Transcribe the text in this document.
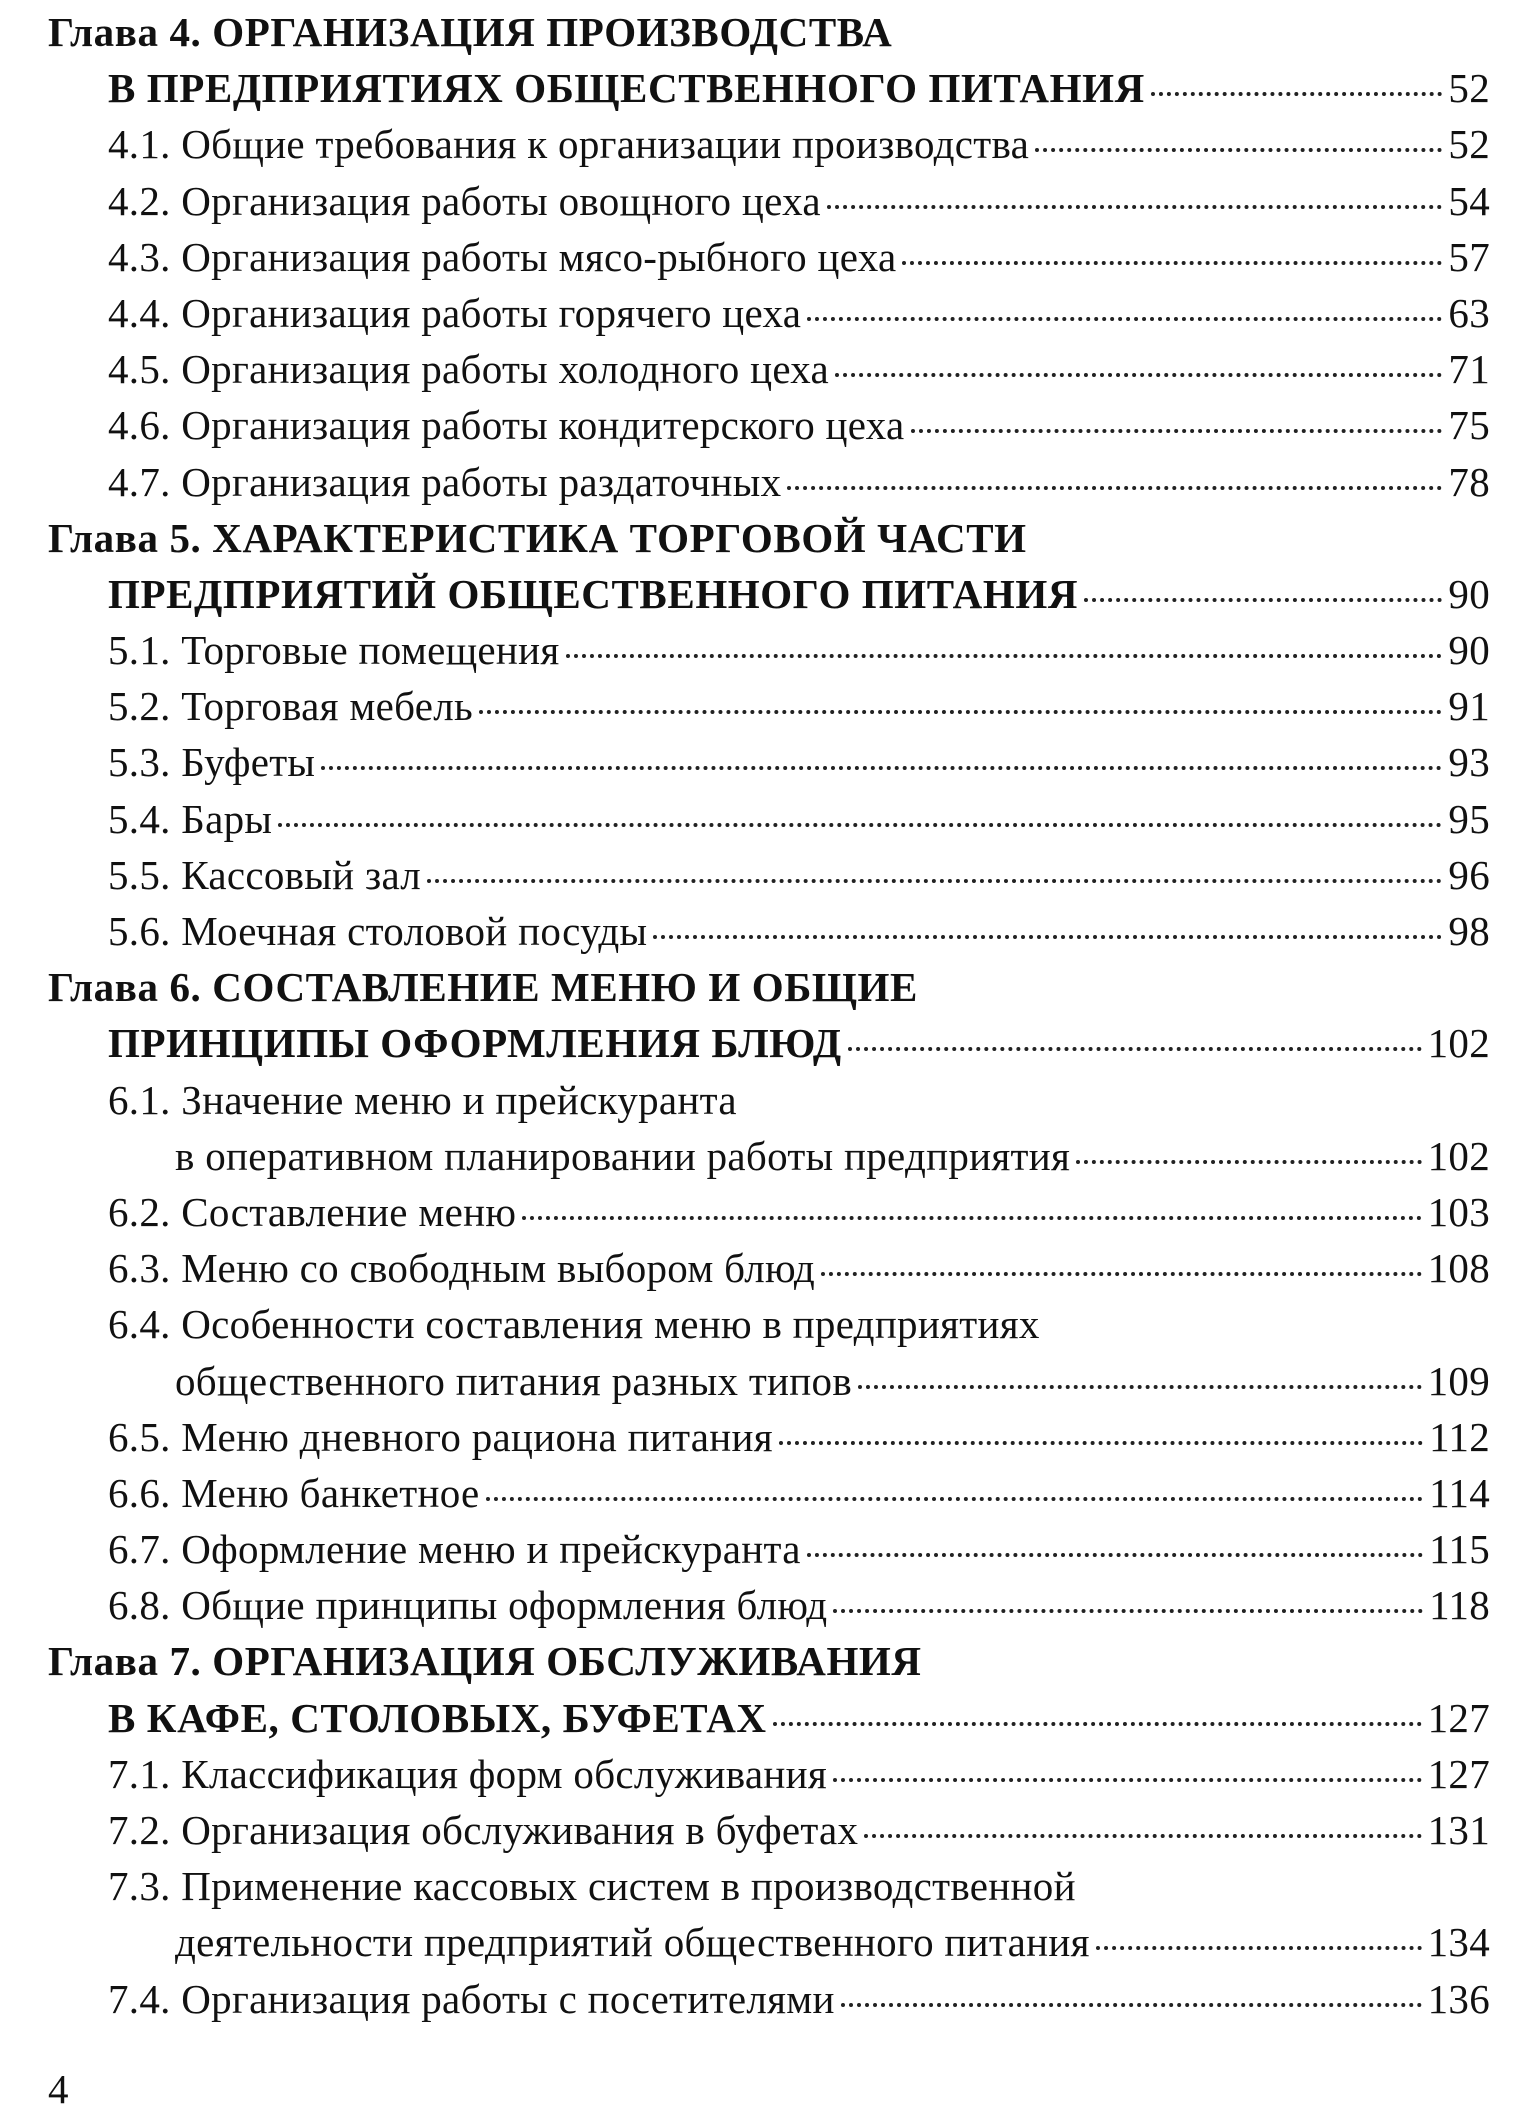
Глава 4. ОРГАНИЗАЦИЯ ПРОИЗВОДСТВА
В ПРЕДПРИЯТИЯХ ОБЩЕСТВЕННОГО ПИТАНИЯ	52
4.1. Общие требования к организации производства	52
4.2. Организация работы овощного цеха	54
4.3. Организация работы мясо-рыбного цеха	57
4.4. Организация работы горячего цеха	63
4.5. Организация работы холодного цеха	71
4.6. Организация работы кондитерского цеха	75
4.7. Организация работы раздаточных	78
Глава 5. ХАРАКТЕРИСТИКА ТОРГОВОЙ ЧАСТИ
ПРЕДПРИЯТИЙ ОБЩЕСТВЕННОГО ПИТАНИЯ	90
5.1. Торговые помещения	90
5.2. Торговая мебель	91
5.3. Буфеты	93
5.4. Бары	95
5.5. Кассовый зал	96
5.6. Моечная столовой посуды	98
Глава 6. СОСТАВЛЕНИЕ МЕНЮ И ОБЩИЕ
ПРИНЦИПЫ ОФОРМЛЕНИЯ БЛЮД	102
6.1. Значение меню и прейскуранта
в оперативном планировании работы предприятия	102
6.2. Составление меню	103
6.3. Меню со свободным выбором блюд	108
6.4. Особенности составления меню в предприятиях
общественного питания разных типов	109
6.5. Меню дневного рациона питания	112
6.6. Меню банкетное	114
6.7. Оформление меню и прейскуранта	115
6.8. Общие принципы оформления блюд	118
Глава 7. ОРГАНИЗАЦИЯ ОБСЛУЖИВАНИЯ
В КАФЕ, СТОЛОВЫХ, БУФЕТАХ	127
7.1. Классификация форм обслуживания	127
7.2. Организация обслуживания в буфетах	131
7.3. Применение кассовых систем в производственной
деятельности предприятий общественного питания	134
7.4. Организация работы с посетителями	136
4
